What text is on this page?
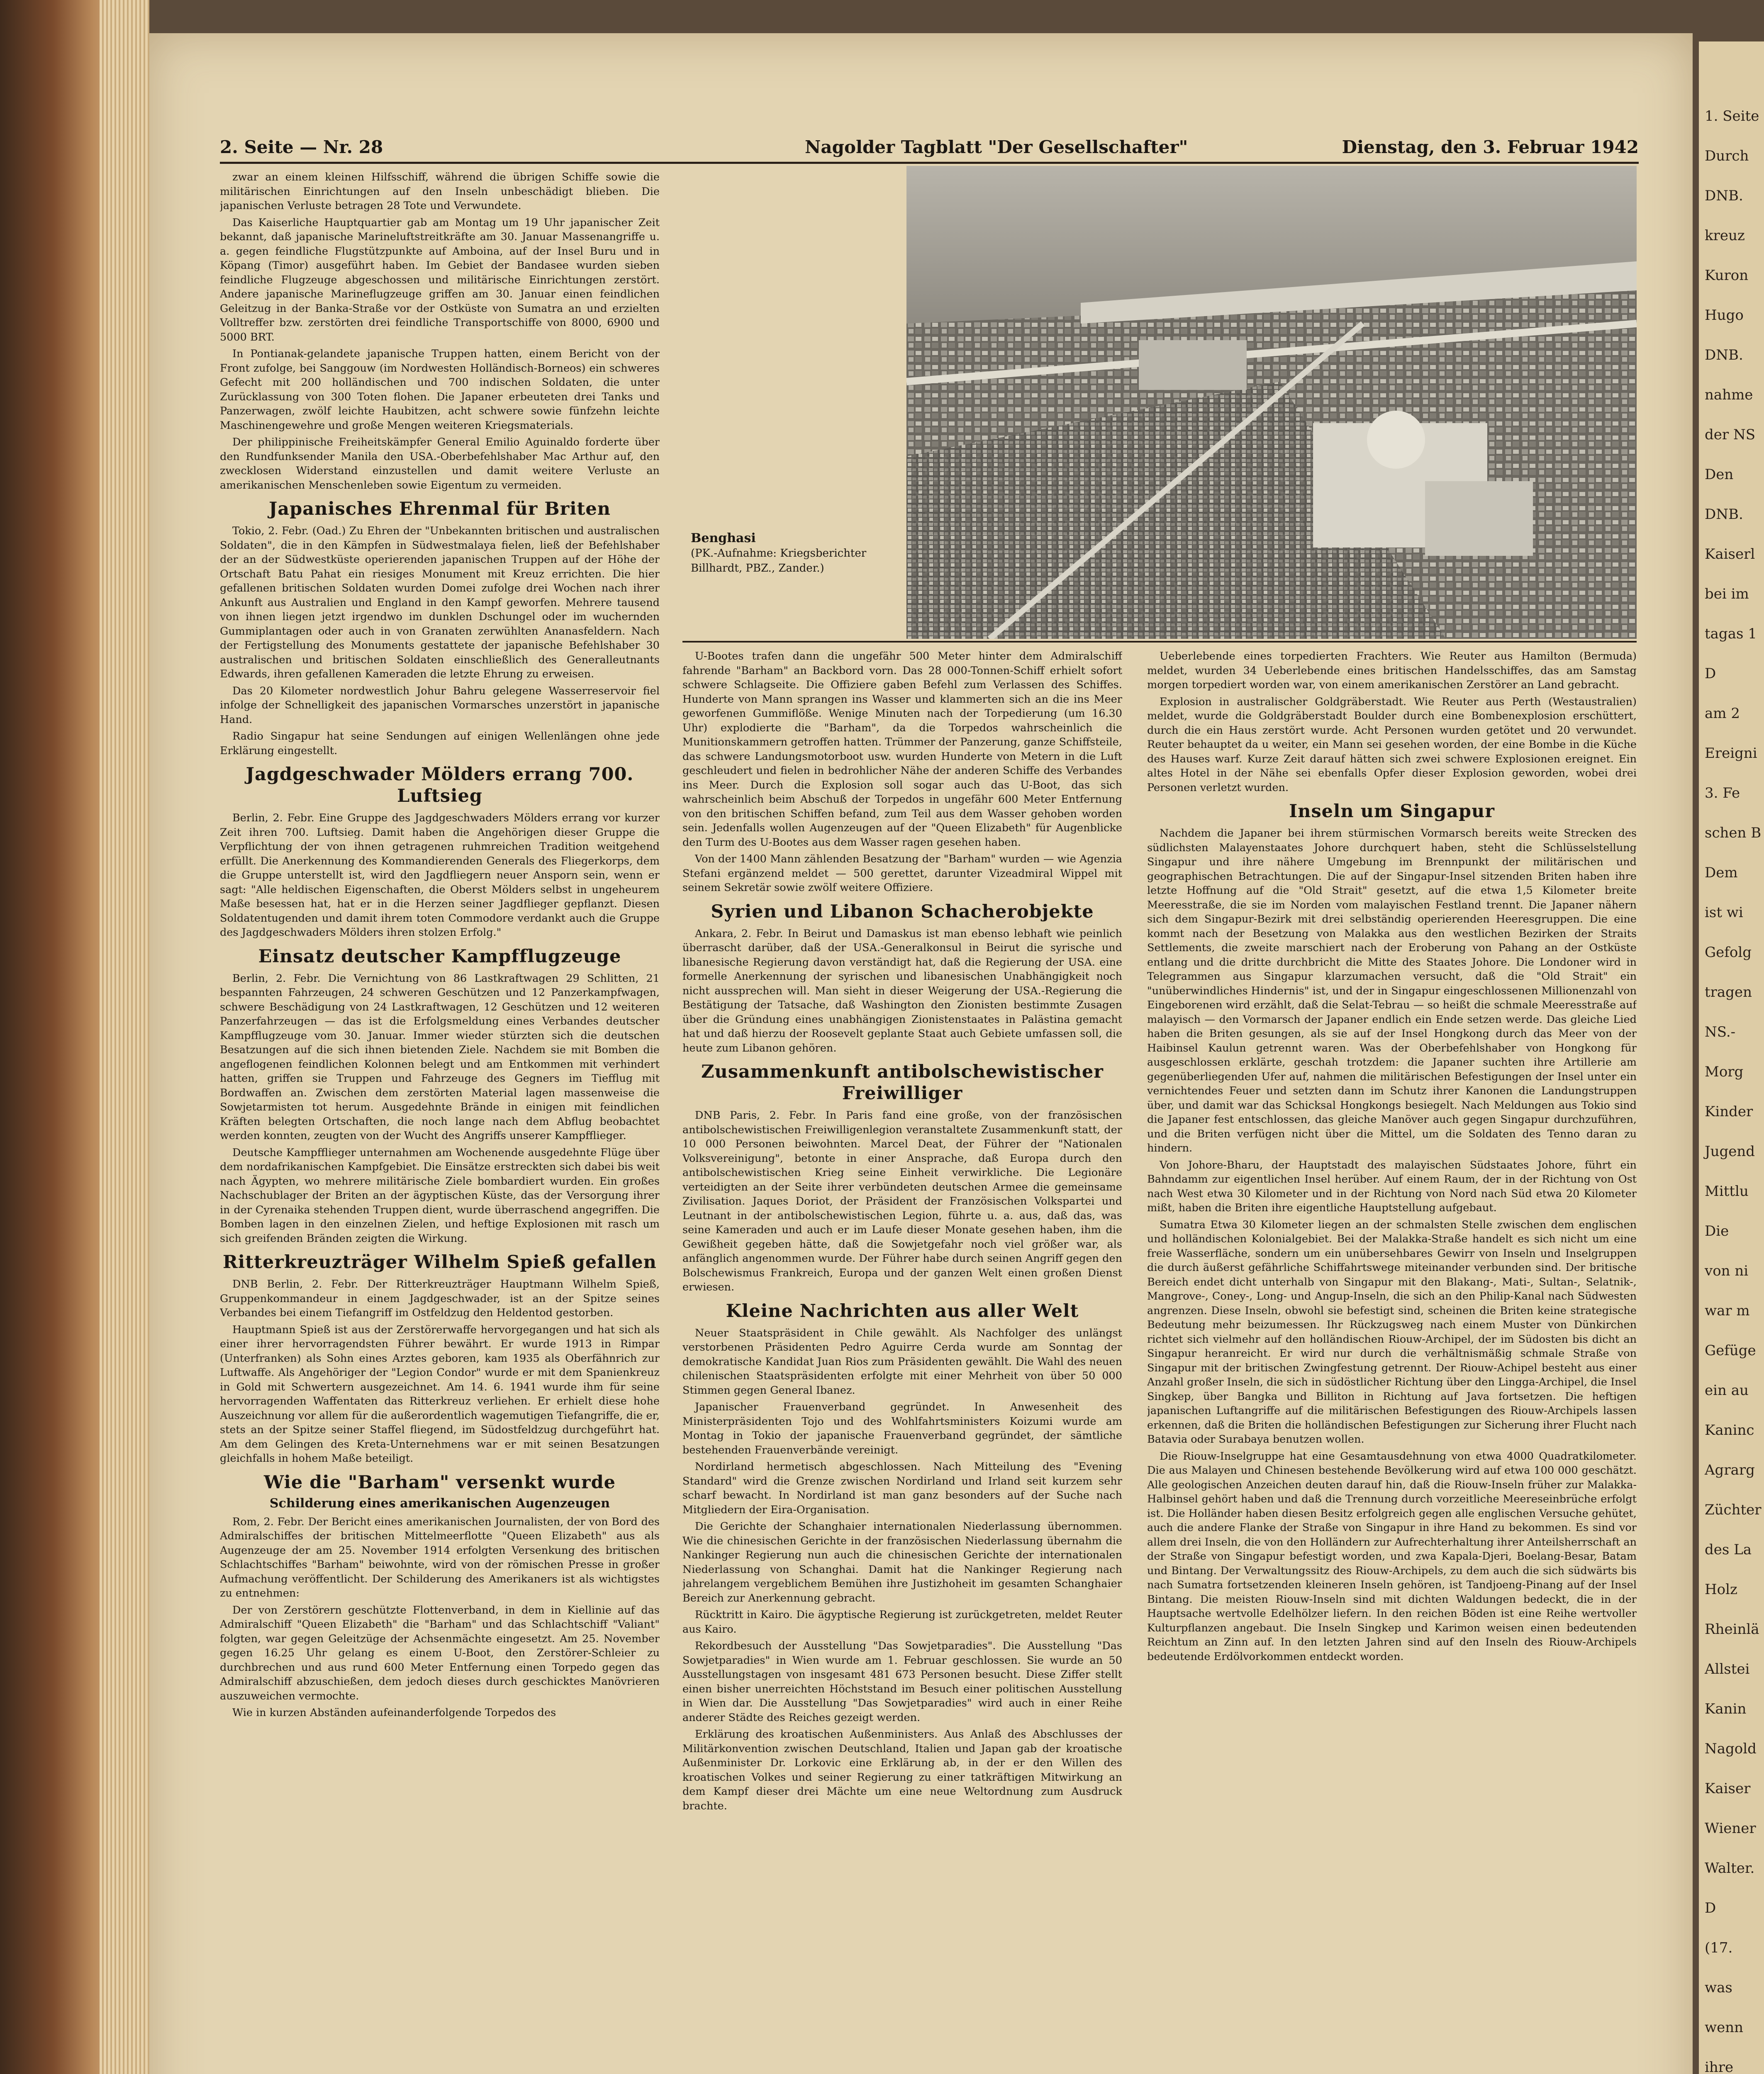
2. Seite — Nr. 28	Nagolder Tagblatt "Der Gesellschafter"	Dienstag, den 3. Februar 1942

zwar an einem kleinen Hilfsschiff, während die übrigen Schiffe sowie die militärischen Einrichtungen auf den Inseln unbeschädigt blieben. Die japanischen Verluste betragen 28 Tote und Verwundete.

Das Kaiserliche Hauptquartier gab am Montag um 19 Uhr japanischer Zeit bekannt, daß japanische Marineluftstreitkräfte am 30. Januar Massenangriffe u. a. gegen feindliche Flugstützpunkte auf Amboina, auf der Insel Buru und in Köpang (Timor) ausgeführt haben. Im Gebiet der Bandasee wurden sieben feindliche Flugzeuge abgeschossen und militärische Einrichtungen zerstört. Andere japanische Marineflugzeuge griffen am 30. Januar einen feindlichen Geleitzug in der Banka-Straße vor der Ostküste von Sumatra an und erzielten Volltreffer bzw. zerstörten drei feindliche Transportschiffe von 8000, 6900 und 5000 BRT.

In Pontianak-gelandete japanische Truppen hatten, einem Bericht von der Front zufolge, bei Sanggouw (im Nordwesten Holländisch-Borneos) ein schweres Gefecht mit 200 holländischen und 700 indischen Soldaten, die unter Zurücklassung von 300 Toten flohen. Die Japaner erbeuteten drei Tanks und Panzerwagen, zwölf leichte Haubitzen, acht schwere sowie fünfzehn leichte Maschinengewehre und große Mengen weiteren Kriegsmaterials.

Der philippinische Freiheitskämpfer General Emilio Aguinaldo forderte über den Rundfunksender Manila den USA.-Oberbefehlshaber Mac Arthur auf, den zwecklosen Widerstand einzustellen und damit weitere Verluste an amerikanischen Menschenleben sowie Eigentum zu vermeiden.

Japanisches Ehrenmal für Briten

Tokio, 2. Febr. (Oad.) Zu Ehren der "Unbekannten britischen und australischen Soldaten", die in den Kämpfen in Südwestmalaya fielen, ließ der Befehlshaber der an der Südwestküste operierenden japanischen Truppen auf der Höhe der Ortschaft Batu Pahat ein riesiges Monument mit Kreuz errichten. Die hier gefallenen britischen Soldaten wurden Domei zufolge drei Wochen nach ihrer Ankunft aus Australien und England in den Kampf geworfen. Mehrere tausend von ihnen liegen jetzt irgendwo im dunklen Dschungel oder im wuchernden Gummiplantagen oder auch in von Granaten zerwühlten Ananasfeldern. Nach der Fertigstellung des Monuments gestattete der japanische Befehlshaber 30 australischen und britischen Soldaten einschließlich des Generalleutnants Edwards, ihren gefallenen Kameraden die letzte Ehrung zu erweisen.

Das 20 Kilometer nordwestlich Johur Bahru gelegene Wasserreservoir fiel infolge der Schnelligkeit des japanischen Vormarsches unzerstört in japanische Hand.

Radio Singapur hat seine Sendungen auf einigen Wellenlängen ohne jede Erklärung eingestellt.

Jagdgeschwader Mölders errang 700. Luftsieg

Berlin, 2. Febr. Eine Gruppe des Jagdgeschwaders Mölders errang vor kurzer Zeit ihren 700. Luftsieg. Damit haben die Angehörigen dieser Gruppe die Verpflichtung der von ihnen getragenen ruhmreichen Tradition weitgehend erfüllt. Die Anerkennung des Kommandierenden Generals des Fliegerkorps, dem die Gruppe unterstellt ist, wird den Jagdfliegern neuer Ansporn sein, wenn er sagt: "Alle heldischen Eigenschaften, die Oberst Mölders selbst in ungeheurem Maße besessen hat, hat er in die Herzen seiner Jagdflieger gepflanzt. Diesen Soldatentugenden und damit ihrem toten Commodore verdankt auch die Gruppe des Jagdgeschwaders Mölders ihren stolzen Erfolg."

Einsatz deutscher Kampfflugzeuge

Berlin, 2. Febr. Die Vernichtung von 86 Lastkraftwagen 29 Schlitten, 21 bespannten Fahrzeugen, 24 schweren Geschützen und 12 Panzerkampfwagen, schwere Beschädigung von 24 Lastkraftwagen, 12 Geschützen und 12 weiteren Panzerfahrzeugen — das ist die Erfolgsmeldung eines Verbandes deutscher Kampfflugzeuge vom 30. Januar. Immer wieder stürzten sich die deutschen Besatzungen auf die sich ihnen bietenden Ziele. Nachdem sie mit Bomben die angeflogenen feindlichen Kolonnen belegt und am Entkommen mit verhindert hatten, griffen sie Truppen und Fahrzeuge des Gegners im Tiefflug mit Bordwaffen an. Zwischen dem zerstörten Material lagen massenweise die Sowjetarmisten tot herum. Ausgedehnte Brände in einigen mit feindlichen Kräften belegten Ortschaften, die noch lange nach dem Abflug beobachtet werden konnten, zeugten von der Wucht des Angriffs unserer Kampfflieger.

Deutsche Kampfflieger unternahmen am Wochenende ausgedehnte Flüge über dem nordafrikanischen Kampfgebiet. Die Einsätze erstreckten sich dabei bis weit nach Ägypten, wo mehrere militärische Ziele bombardiert wurden. Ein großes Nachschublager der Briten an der ägyptischen Küste, das der Versorgung ihrer in der Cyrenaika stehenden Truppen dient, wurde überraschend angegriffen. Die Bomben lagen in den einzelnen Zielen, und heftige Explosionen mit rasch um sich greifenden Bränden zeigten die Wirkung.

Ritterkreuzträger Wilhelm Spieß gefallen

DNB Berlin, 2. Febr. Der Ritterkreuzträger Hauptmann Wilhelm Spieß, Gruppenkommandeur in einem Jagdgeschwader, ist an der Spitze seines Verbandes bei einem Tiefangriff im Ostfeldzug den Heldentod gestorben.

Hauptmann Spieß ist aus der Zerstörerwaffe hervorgegangen und hat sich als einer ihrer hervorragendsten Führer bewährt. Er wurde 1913 in Rimpar (Unterfranken) als Sohn eines Arztes geboren, kam 1935 als Oberfähnrich zur Luftwaffe. Als Angehöriger der "Legion Condor" wurde er mit dem Spanienkreuz in Gold mit Schwertern ausgezeichnet. Am 14. 6. 1941 wurde ihm für seine hervorragenden Waffentaten das Ritterkreuz verliehen. Er erhielt diese hohe Auszeichnung vor allem für die außerordentlich wagemutigen Tiefangriffe, die er, stets an der Spitze seiner Staffel fliegend, im Südostfeldzug durchgeführt hat. Am dem Gelingen des Kreta-Unternehmens war er mit seinen Besatzungen gleichfalls in hohem Maße beteiligt.

Wie die "Barham" versenkt wurde
Schilderung eines amerikanischen Augenzeugen

Rom, 2. Febr. Der Bericht eines amerikanischen Journalisten, der von Bord des Admiralschiffes der britischen Mittelmeerflotte "Queen Elizabeth" aus als Augenzeuge der am 25. November 1914 erfolgten Versenkung des britischen Schlachtschiffes "Barham" beiwohnte, wird von der römischen Presse in großer Aufmachung veröffentlicht. Der Schilderung des Amerikaners ist als wichtigstes zu entnehmen:

Der von Zerstörern geschützte Flottenverband, in dem in Kiellinie auf das Admiralschiff "Queen Elizabeth" die "Barham" und das Schlachtschiff "Valiant" folgten, war gegen Geleitzüge der Achsenmächte eingesetzt. Am 25. November gegen 16.25 Uhr gelang es einem U-Boot, den Zerstörer-Schleier zu durchbrechen und aus rund 600 Meter Entfernung einen Torpedo gegen das Admiralschiff abzuschießen, dem jedoch dieses durch geschicktes Manövrieren auszuweichen vermochte.

Wie in kurzen Abständen aufeinanderfolgende Torpedos des

Benghasi
(PK.-Aufnahme: Kriegsberichter Billhardt, PBZ., Zander.)

U-Bootes trafen dann die ungefähr 500 Meter hinter dem Admiralschiff fahrende "Barham" an Backbord vorn. Das 28 000-Tonnen-Schiff erhielt sofort schwere Schlagseite. Die Offiziere gaben Befehl zum Verlassen des Schiffes. Hunderte von Mann sprangen ins Wasser und klammerten sich an die ins Meer geworfenen Gummiflöße. Wenige Minuten nach der Torpedierung (um 16.30 Uhr) explodierte die "Barham", da die Torpedos wahrscheinlich die Munitionskammern getroffen hatten. Trümmer der Panzerung, ganze Schiffsteile, das schwere Landungsmotorboot usw. wurden Hunderte von Metern in die Luft geschleudert und fielen in bedrohlicher Nähe der anderen Schiffe des Verbandes ins Meer. Durch die Explosion soll sogar auch das U-Boot, das sich wahrscheinlich beim Abschuß der Torpedos in ungefähr 600 Meter Entfernung von den britischen Schiffen befand, zum Teil aus dem Wasser gehoben worden sein. Jedenfalls wollen Augenzeugen auf der "Queen Elizabeth" für Augenblicke den Turm des U-Bootes aus dem Wasser ragen gesehen haben.

Von der 1400 Mann zählenden Besatzung der "Barham" wurden — wie Agenzia Stefani ergänzend meldet — 500 gerettet, darunter Vizeadmiral Wippel mit seinem Sekretär sowie zwölf weitere Offiziere.

Syrien und Libanon Schacherobjekte

Ankara, 2. Febr. In Beirut und Damaskus ist man ebenso lebhaft wie peinlich überrascht darüber, daß der USA.-Generalkonsul in Beirut die syrische und libanesische Regierung davon verständigt hat, daß die Regierung der USA. eine formelle Anerkennung der syrischen und libanesischen Unabhängigkeit noch nicht aussprechen will. Man sieht in dieser Weigerung der USA.-Regierung die Bestätigung der Tatsache, daß Washington den Zionisten bestimmte Zusagen über die Gründung eines unabhängigen Zionistenstaates in Palästina gemacht hat und daß hierzu der Roosevelt geplante Staat auch Gebiete umfassen soll, die heute zum Libanon gehören.

Zusammenkunft antibolschewistischer Freiwilliger

DNB Paris, 2. Febr. In Paris fand eine große, von der französischen antibolschewistischen Freiwilligenlegion veranstaltete Zusammenkunft statt, der 10 000 Personen beiwohnten. Marcel Deat, der Führer der "Nationalen Volksvereinigung", betonte in einer Ansprache, daß Europa durch den antibolschewistischen Krieg seine Einheit verwirkliche. Die Legionäre verteidigten an der Seite ihrer verbündeten deutschen Armee die gemeinsame Zivilisation. Jaques Doriot, der Präsident der Französischen Volkspartei und Leutnant in der antibolschewistischen Legion, führte u. a. aus, daß das, was seine Kameraden und auch er im Laufe dieser Monate gesehen haben, ihm die Gewißheit gegeben hätte, daß die Sowjetgefahr noch viel größer war, als anfänglich angenommen wurde. Der Führer habe durch seinen Angriff gegen den Bolschewismus Frankreich, Europa und der ganzen Welt einen großen Dienst erwiesen.

Kleine Nachrichten aus aller Welt

Neuer Staatspräsident in Chile gewählt. Als Nachfolger des unlängst verstorbenen Präsidenten Pedro Aguirre Cerda wurde am Sonntag der demokratische Kandidat Juan Rios zum Präsidenten gewählt. Die Wahl des neuen chilenischen Staatspräsidenten erfolgte mit einer Mehrheit von über 50 000 Stimmen gegen General Ibanez.

Japanischer Frauenverband gegründet. In Anwesenheit des Ministerpräsidenten Tojo und des Wohlfahrtsministers Koizumi wurde am Montag in Tokio der japanische Frauenverband gegründet, der sämtliche bestehenden Frauenverbände vereinigt.

Nordirland hermetisch abgeschlossen. Nach Mitteilung des "Evening Standard" wird die Grenze zwischen Nordirland und Irland seit kurzem sehr scharf bewacht. In Nordirland ist man ganz besonders auf der Suche nach Mitgliedern der Eira-Organisation.

Die Gerichte der Schanghaier internationalen Niederlassung übernommen. Wie die chinesischen Gerichte in der französischen Niederlassung übernahm die Nankinger Regierung nun auch die chinesischen Gerichte der internationalen Niederlassung von Schanghai. Damit hat die Nankinger Regierung nach jahrelangem vergeblichem Bemühen ihre Justizhoheit im gesamten Schanghaier Bereich zur Anerkennung gebracht.

Rücktritt in Kairo. Die ägyptische Regierung ist zurückgetreten, meldet Reuter aus Kairo.

Rekordbesuch der Ausstellung "Das Sowjetparadies". Die Ausstellung "Das Sowjetparadies" in Wien wurde am 1. Februar geschlossen. Sie wurde an 50 Ausstellungstagen von insgesamt 481 673 Personen besucht. Diese Ziffer stellt einen bisher unerreichten Höchststand im Besuch einer politischen Ausstellung in Wien dar. Die Ausstellung "Das Sowjetparadies" wird auch in einer Reihe anderer Städte des Reiches gezeigt werden.

Erklärung des kroatischen Außenministers. Aus Anlaß des Abschlusses der Militärkonvention zwischen Deutschland, Italien und Japan gab der kroatische Außenminister Dr. Lorkovic eine Erklärung ab, in der er den Willen des kroatischen Volkes und seiner Regierung zu einer tatkräftigen Mitwirkung an dem Kampf dieser drei Mächte um eine neue Weltordnung zum Ausdruck brachte.

Ueberlebende eines torpedierten Frachters. Wie Reuter aus Hamilton (Bermuda) meldet, wurden 34 Ueberlebende eines britischen Handelsschiffes, das am Samstag morgen torpediert worden war, von einem amerikanischen Zerstörer an Land gebracht.

Explosion in australischer Goldgräberstadt. Wie Reuter aus Perth (Westaustralien) meldet, wurde die Goldgräberstadt Boulder durch eine Bombenexplosion erschüttert, durch die ein Haus zerstört wurde. Acht Personen wurden getötet und 20 verwundet. Reuter behauptet da u weiter, ein Mann sei gesehen worden, der eine Bombe in die Küche des Hauses warf. Kurze Zeit darauf hätten sich zwei schwere Explosionen ereignet. Ein altes Hotel in der Nähe sei ebenfalls Opfer dieser Explosion geworden, wobei drei Personen verletzt wurden.

Inseln um Singapur

Nachdem die Japaner bei ihrem stürmischen Vormarsch bereits weite Strecken des südlichsten Malayenstaates Johore durchquert haben, steht die Schlüsselstellung Singapur und ihre nähere Umgebung im Brennpunkt der militärischen und geographischen Betrachtungen. Die auf der Singapur-Insel sitzenden Briten haben ihre letzte Hoffnung auf die "Old Strait" gesetzt, auf die etwa 1,5 Kilometer breite Meeresstraße, die sie im Norden vom malayischen Festland trennt. Die Japaner nähern sich dem Singapur-Bezirk mit drei selbständig operierenden Heeresgruppen. Die eine kommt nach der Besetzung von Malakka aus den westlichen Bezirken der Straits Settlements, die zweite marschiert nach der Eroberung von Pahang an der Ostküste entlang und die dritte durchbricht die Mitte des Staates Johore. Die Londoner wird in Telegrammen aus Singapur klarzumachen versucht, daß die "Old Strait" ein "unüberwindliches Hindernis" ist, und der in Singapur eingeschlossenen Millionenzahl von Eingeborenen wird erzählt, daß die Selat-Tebrau — so heißt die schmale Meeresstraße auf malayisch — den Vormarsch der Japaner endlich ein Ende setzen werde. Das gleiche Lied haben die Briten gesungen, als sie auf der Insel Hongkong durch das Meer von der Haibinsel Kaulun getrennt waren. Was der Oberbefehlshaber von Hongkong für ausgeschlossen erklärte, geschah trotzdem: die Japaner suchten ihre Artillerie am gegenüberliegenden Ufer auf, nahmen die militärischen Befestigungen der Insel unter ein vernichtendes Feuer und setzten dann im Schutz ihrer Kanonen die Landungstruppen über, und damit war das Schicksal Hongkongs besiegelt. Nach Meldungen aus Tokio sind die Japaner fest entschlossen, das gleiche Manöver auch gegen Singapur durchzuführen, und die Briten verfügen nicht über die Mittel, um die Soldaten des Tenno daran zu hindern.

Von Johore-Bharu, der Hauptstadt des malayischen Südstaates Johore, führt ein Bahndamm zur eigentlichen Insel herüber. Auf einem Raum, der in der Richtung von Ost nach West etwa 30 Kilometer und in der Richtung von Nord nach Süd etwa 20 Kilometer mißt, haben die Briten ihre eigentliche Hauptstellung aufgebaut.

Sumatra Etwa 30 Kilometer liegen an der schmalsten Stelle zwischen dem englischen und holländischen Kolonialgebiet. Bei der Malakka-Straße handelt es sich nicht um eine freie Wasserfläche, sondern um ein unübersehbares Gewirr von Inseln und Inselgruppen die durch äußerst gefährliche Schiffahrtswege miteinander verbunden sind. Der britische Bereich endet dicht unterhalb von Singapur mit den Blakang-, Mati-, Sultan-, Selatnik-, Mangrove-, Coney-, Long- und Angup-Inseln, die sich an den Philip-Kanal nach Südwesten angrenzen. Diese Inseln, obwohl sie befestigt sind, scheinen die Briten keine strategische Bedeutung mehr beizumessen. Ihr Rückzugsweg nach einem Muster von Dünkirchen richtet sich vielmehr auf den holländischen Riouw-Archipel, der im Südosten bis dicht an Singapur heranreicht. Er wird nur durch die verhältnismäßig schmale Straße von Singapur mit der britischen Zwingfestung getrennt. Der Riouw-Achipel besteht aus einer Anzahl großer Inseln, die sich in südöstlicher Richtung über den Lingga-Archipel, die Insel Singkep, über Bangka und Billiton in Richtung auf Java fortsetzen. Die heftigen japanischen Luftangriffe auf die militärischen Befestigungen des Riouw-Archipels lassen erkennen, daß die Briten die holländischen Befestigungen zur Sicherung ihrer Flucht nach Batavia oder Surabaya benutzen wollen.

Die Riouw-Inselgruppe hat eine Gesamtausdehnung von etwa 4000 Quadratkilometer. Die aus Malayen und Chinesen bestehende Bevölkerung wird auf etwa 100 000 geschätzt. Alle geologischen Anzeichen deuten darauf hin, daß die Riouw-Inseln früher zur Malakka-Halbinsel gehört haben und daß die Trennung durch vorzeitliche Meereseinbrüche erfolgt ist. Die Holländer haben diesen Besitz erfolgreich gegen alle englischen Versuche gehütet, auch die andere Flanke der Straße von Singapur in ihre Hand zu bekommen. Es sind vor allem drei Inseln, die von den Holländern zur Aufrechterhaltung ihrer Anteilsherrschaft an der Straße von Singapur befestigt worden, und zwa Kapala-Djeri, Boelang-Besar, Batam und Bintang. Der Verwaltungssitz des Riouw-Archipels, zu dem auch die sich südwärts bis nach Sumatra fortsetzenden kleineren Inseln gehören, ist Tandjoeng-Pinang auf der Insel Bintang. Die meisten Riouw-Inseln sind mit dichten Waldungen bedeckt, die in der Hauptsache wertvolle Edelhölzer liefern. In den reichen Böden ist eine Reihe wertvoller Kulturpflanzen angebaut. Die Inseln Singkep und Karimon weisen einen bedeutenden Reichtum an Zinn auf. In den letzten Jahren sind auf den Inseln des Riouw-Archipels bedeutende Erdölvorkommen entdeckt worden.

1. Seite
Durch
DNB.
kreuz
Kuron
Hugo
DNB.
nahme
der NS
Den
DNB.
Kaiserl
bei im
tagas 1
D
am 2
Ereigni
3. Fe
schen B
Dem
ist wi
Gefolg
tragen
NS.-
Morg
Kinder
Jugend
Mittlu
Die
von ni
war m
Gefüge
ein au
Kaninc
Agrarg
Züchter
des La
Holz
Rheinlä
Allstei
Kanin
Nagold
Kaiser
Wiener
Walter.
D
(17.
was
wenn
ihre
